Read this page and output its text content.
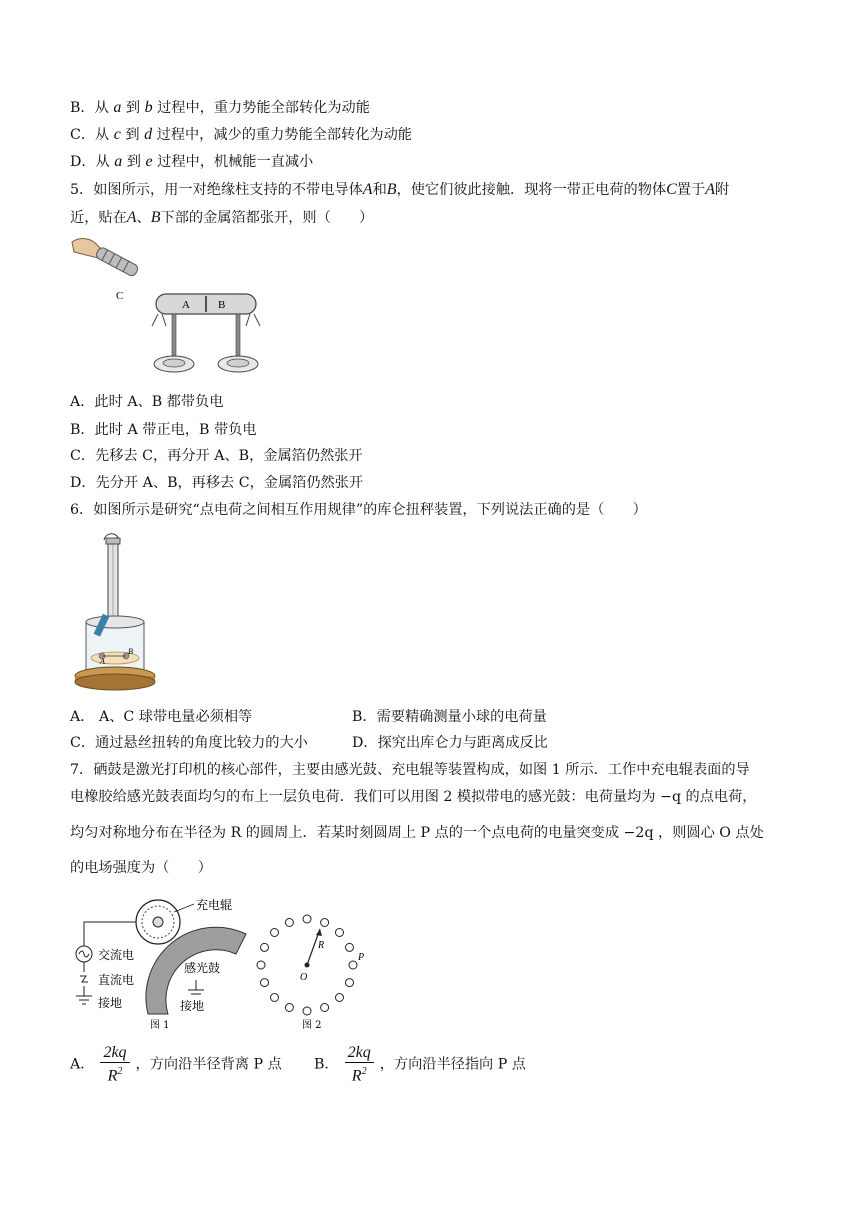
B．从 a 到 b 过程中，重力势能全部转化为动能
C．从 c 到 d 过程中，减少的重力势能全部转化为动能
D．从 a 到 e 过程中，机械能一直减小
5．如图所示，用一对绝缘柱支持的不带电导体A和B，使它们彼此接触．现将一带正电荷的物体C置于A附
近，贴在A、B下部的金属箔都张开，则（　　）
C
A	B
A．此时 A、B 都带负电
B．此时 A 带正电，B 带负电
C．先移去 C，再分开 A、B，金属箔仍然张开
D．先分开 A、B，再移去 C，金属箔仍然张开
6．如图所示是研究“点电荷之间相互作用规律”的库仑扭秤装置，下列说法正确的是（　　）
A
B
A． A、C 球带电量必须相等	B．需要精确测量小球的电荷量
C．通过悬丝扭转的角度比较力的大小	D．探究出库仑力与距离成反比
7．硒鼓是激光打印机的核心部件，主要由感光鼓、充电辊等装置构成，如图 1 所示．工作中充电辊表面的导
电橡胶给感光鼓表面均匀的布上一层负电荷．我们可以用图 2 模拟带电的感光鼓：电荷量均为 −q 的点电荷，
均匀对称地分布在半径为 R 的圆周上．若某时刻圆周上 P 点的一个点电荷的电量突变成 −2q ，则圆心 O 点处
的电场强度为（　　）
交流电
直流电
接地
充电辊
感光鼓
接地
图 1
R
O
P
图 2
A． $\frac{2kq}{R^2}$ ，方向沿半径背离 P 点 B． $\frac{2kq}{R^2}$ ，方向沿半径指向 P 点
